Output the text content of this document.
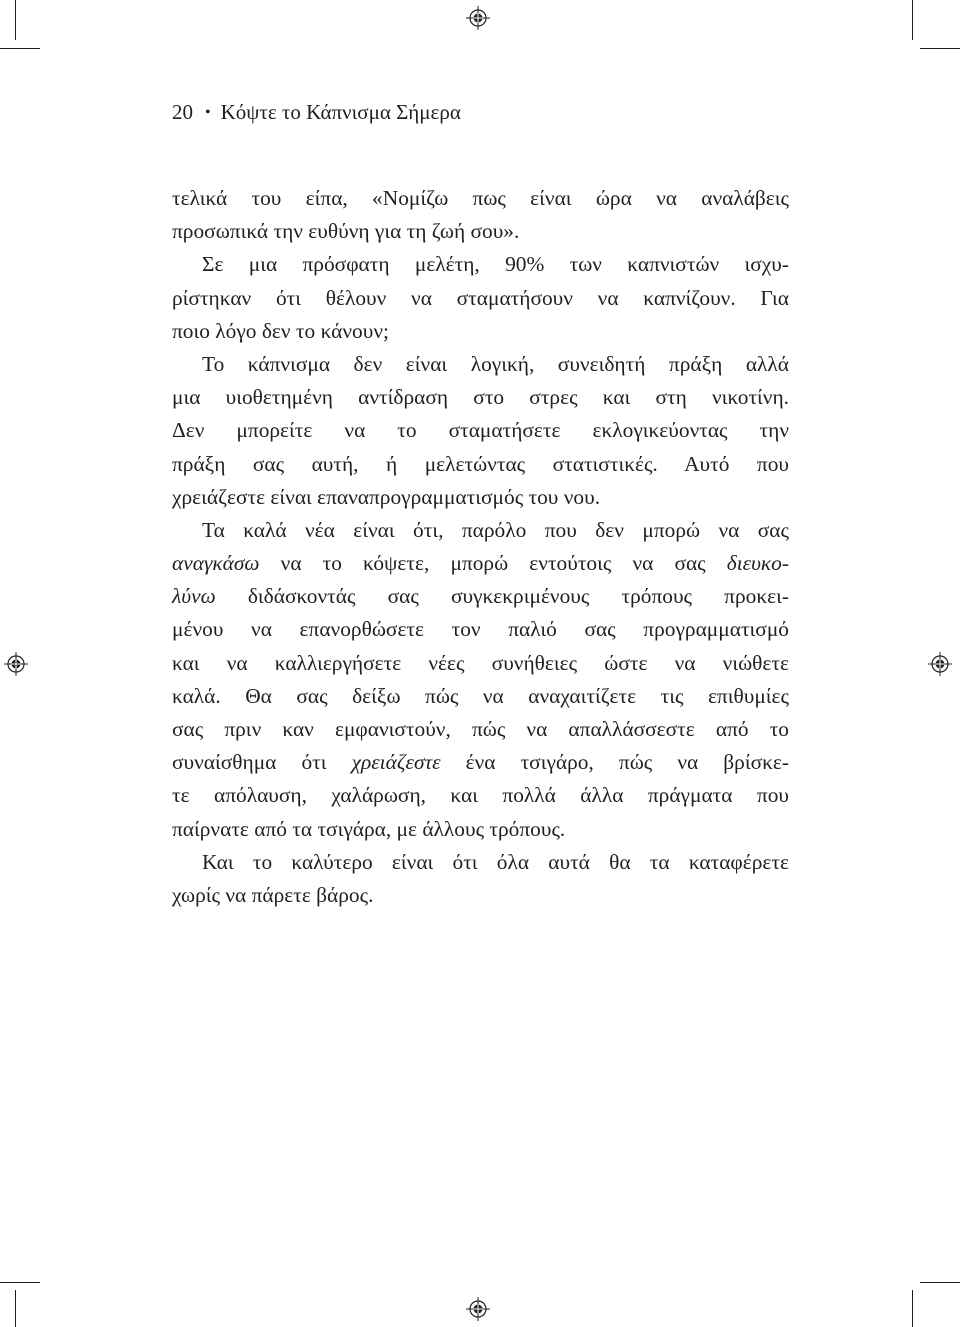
20 • Κόψτε το Κάπνισμα Σήμερα
τελικά του είπα, «Νομίζω πως είναι ώρα να αναλάβεις
προσωπικά την ευθύνη για τη ζωή σου».
Σε μια πρόσφατη μελέτη, 90% των καπνιστών ισχυ-
ρίστηκαν ότι θέλουν να σταματήσουν να καπνίζουν. Για
ποιο λόγο δεν το κάνουν;
Το κάπνισμα δεν είναι λογική, συνειδητή πράξη αλλά
μια υιοθετημένη αντίδραση στο στρες και στη νικοτίνη.
Δεν μπορείτε να το σταματήσετε εκλογικεύοντας την
πράξη σας αυτή, ή μελετώντας στατιστικές. Αυτό που
χρειάζεστε είναι επαναπρογραμματισμός του νου.
Τα καλά νέα είναι ότι, παρόλο που δεν μπορώ να σας
αναγκάσω να το κόψετε, μπορώ εντούτοις να σας διευκο-
λύνω διδάσκοντάς σας συγκεκριμένους τρόπους προκει-
μένου να επανορθώσετε τον παλιό σας προγραμματισμό
και να καλλιεργήσετε νέες συνήθειες ώστε να νιώθετε
καλά. Θα σας δείξω πώς να αναχαιτίζετε τις επιθυμίες
σας πριν καν εμφανιστούν, πώς να απαλλάσσεστε από το
συναίσθημα ότι χρειάζεστε ένα τσιγάρο, πώς να βρίσκε-
τε απόλαυση, χαλάρωση, και πολλά άλλα πράγματα που
παίρνατε από τα τσιγάρα, με άλλους τρόπους.
Και το καλύτερο είναι ότι όλα αυτά θα τα καταφέρετε
χωρίς να πάρετε βάρος.
